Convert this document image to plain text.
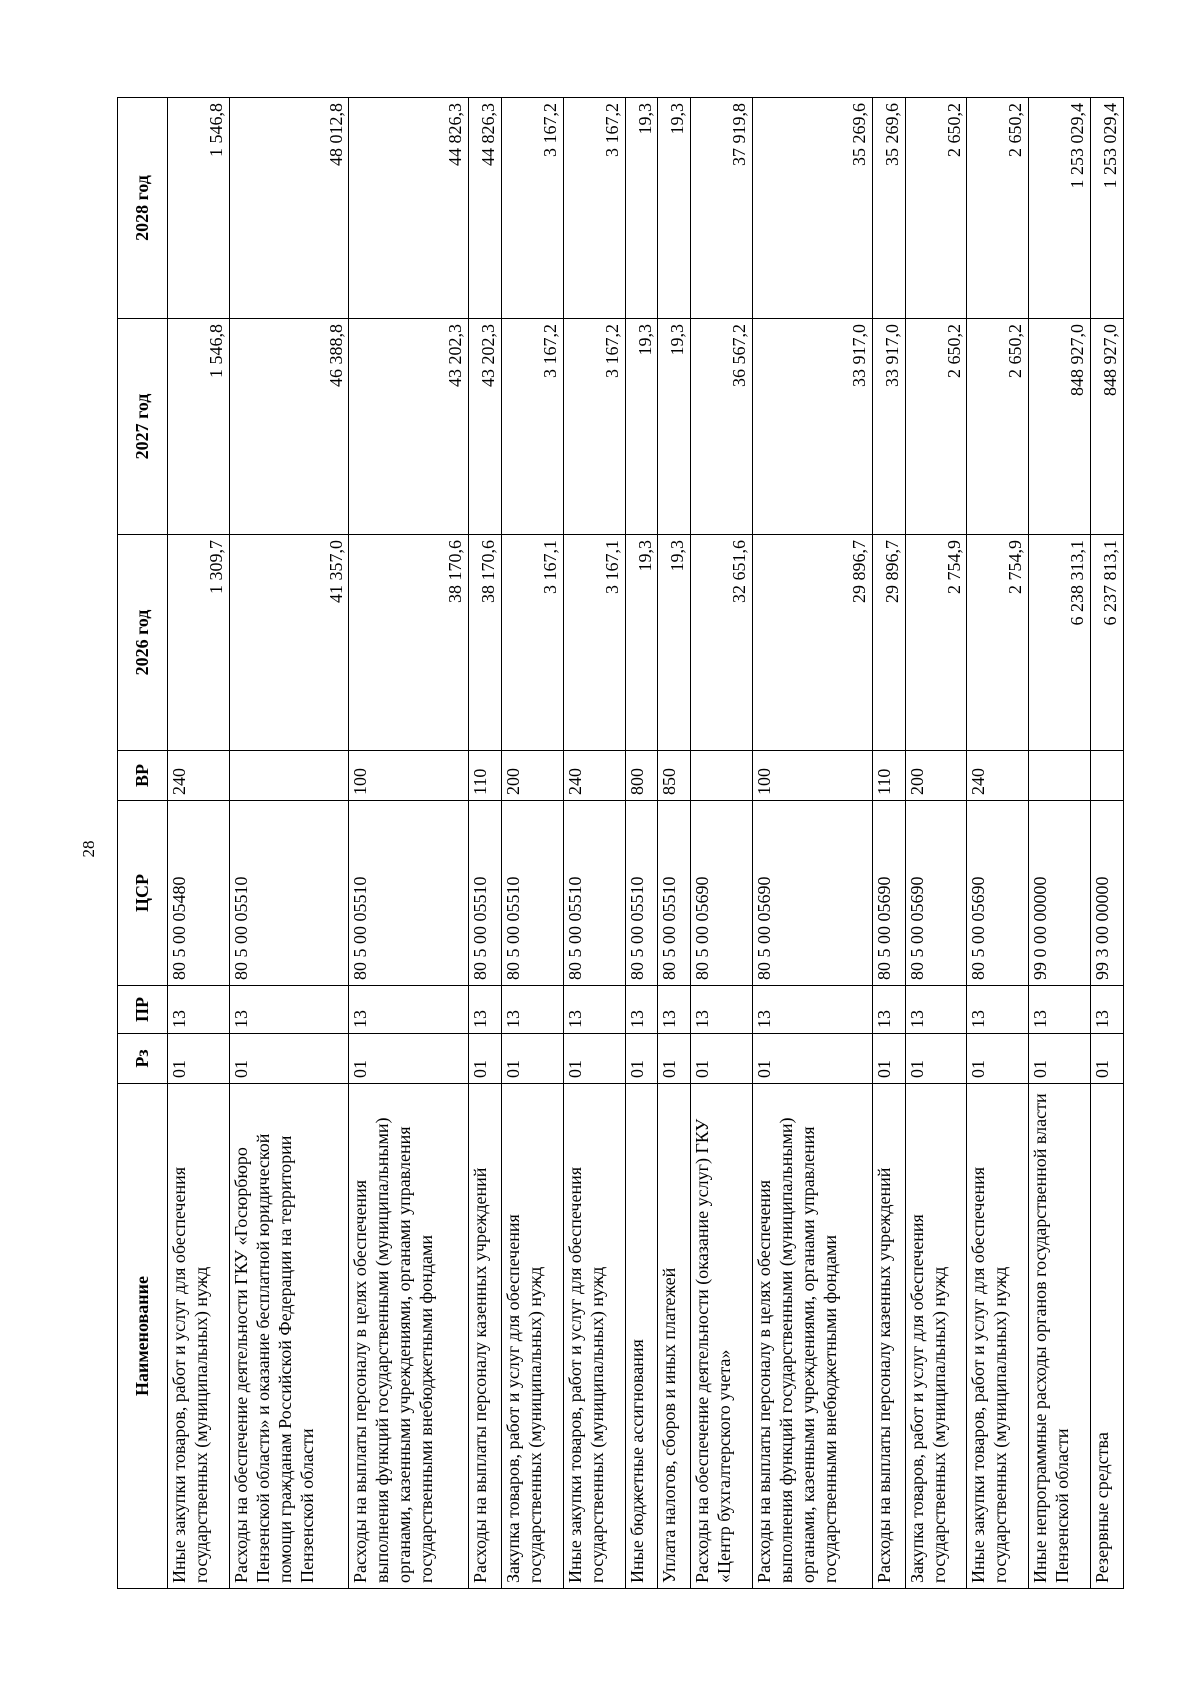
28
Наименование	Рз	ПР	ЦСР	ВР	2026 год	2027 год	2028 год
Иные закупки товаров, работ и услуг для обеспечения государственных (муниципальных) нужд	01	13	80 5 00 05480	240	1 309,7	1 546,8	1 546,8
Расходы на обеспечение деятельности ГКУ «Госюрбюро Пензенской области» и оказание бесплатной юридической помощи гражданам Российской Федерации на территории Пензенской области	01	13	80 5 00 05510		41 357,0	46 388,8	48 012,8
Расходы на выплаты персоналу в целях обеспечения выполнения функций государственными (муниципальными) органами, казенными учреждениями, органами управления государственными внебюджетными фондами	01	13	80 5 00 05510	100	38 170,6	43 202,3	44 826,3
Расходы на выплаты персоналу казенных учреждений	01	13	80 5 00 05510	110	38 170,6	43 202,3	44 826,3
Закупка товаров, работ и услуг для обеспечения государственных (муниципальных) нужд	01	13	80 5 00 05510	200	3 167,1	3 167,2	3 167,2
Иные закупки товаров, работ и услуг для обеспечения государственных (муниципальных) нужд	01	13	80 5 00 05510	240	3 167,1	3 167,2	3 167,2
Иные бюджетные ассигнования	01	13	80 5 00 05510	800	19,3	19,3	19,3
Уплата налогов, сборов и иных платежей	01	13	80 5 00 05510	850	19,3	19,3	19,3
Расходы на обеспечение деятельности (оказание услуг) ГКУ «Центр бухгалтерского учета»	01	13	80 5 00 05690		32 651,6	36 567,2	37 919,8
Расходы на выплаты персоналу в целях обеспечения выполнения функций государственными (муниципальными) органами, казенными учреждениями, органами управления государственными внебюджетными фондами	01	13	80 5 00 05690	100	29 896,7	33 917,0	35 269,6
Расходы на выплаты персоналу казенных учреждений	01	13	80 5 00 05690	110	29 896,7	33 917,0	35 269,6
Закупка товаров, работ и услуг для обеспечения государственных (муниципальных) нужд	01	13	80 5 00 05690	200	2 754,9	2 650,2	2 650,2
Иные закупки товаров, работ и услуг для обеспечения государственных (муниципальных) нужд	01	13	80 5 00 05690	240	2 754,9	2 650,2	2 650,2
Иные непрограммные расходы органов государственной власти Пензенской области	01	13	99 0 00 00000		6 238 313,1	848 927,0	1 253 029,4
Резервные средства	01	13	99 3 00 00000		6 237 813,1	848 927,0	1 253 029,4
